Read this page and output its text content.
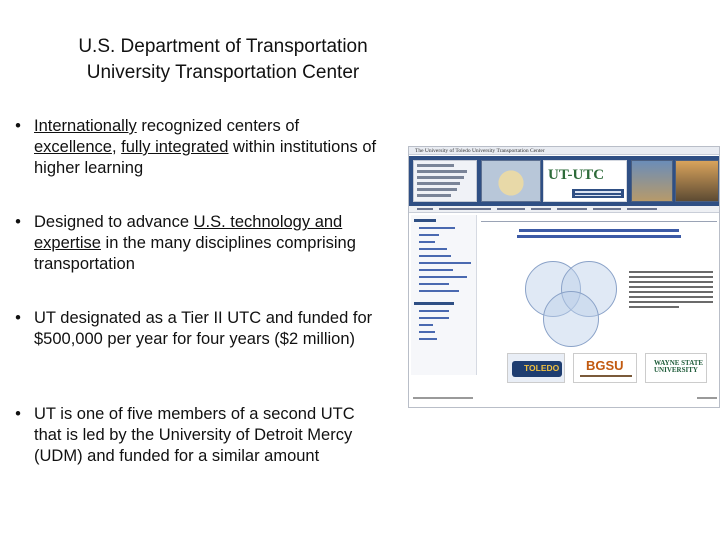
U.S. Department of Transportation
University Transportation Center
• Internationally recognized centers of excellence, fully integrated within institutions of higher learning
• Designed to advance U.S. technology and expertise in the many disciplines comprising transportation
• UT designated as a Tier II UTC and funded for $500,000 per year for four years ($2 million)
• UT is one of five members of a second UTC that is led by the University of Detroit Mercy (UDM) and funded for a similar amount
The University of Toledo University Transportation Center
UT-UTC
TOLEDO BGSU	WAYNE STATE UNIVERSITY
